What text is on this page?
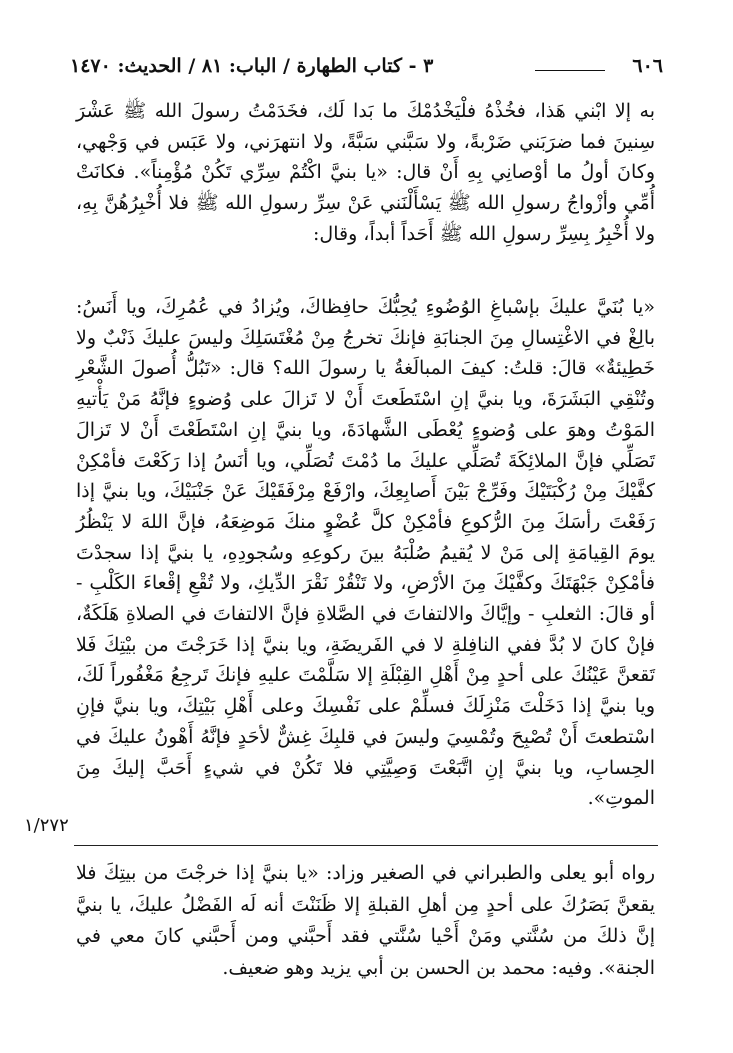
٦٠٦
٣ - كتاب الطهارة / الباب: ٨١ / الحديث: ١٤٧٠

به إلا ابْني هَذا، فخُذْهُ فلْيَخْدُمْكَ ما بَدا لَك، فخَدَمْتُ رسولَ الله ﷺ عَشْرَ سِنينَ فما ضرَبَني ضَرْبةً، ولا سَبَّني سَبَّةً، ولا انتهرَني، ولا عَبَس في وَجْهي، وكانَ أولُ ما أوْصانِي بِهِ أَنْ قال: «يا بنيَّ اكْتُمْ سِرِّي تَكُنْ مُؤْمِناً». فكانَتْ أُمِّي وأزْواجُ رسولِ الله ﷺ يَسْأَلْنَني عَنْ سِرِّ رسولِ الله ﷺ فلا أُخْبِرُهُنَّ بِهِ، ولا أُخْبِرُ بِسِرِّ رسولِ الله ﷺ أَحَداً أبداً، وقال:

«يا بُنَيَّ عليكَ بإسْباغِ الوُضُوءِ يُحِبُّكَ حافِظاكَ، ويُزادُ في عُمُرِكَ، ويا أَنَسُ: بالِغْ في الاغْتِسالِ مِنَ الجنابَةِ فإنكَ تخرجُ مِنْ مُغْتَسَلِكَ وليسَ عليكَ ذَنْبٌ ولا خَطِيئةٌ» قالَ: قلتُ: كيفَ المبالَغةُ يا رسولَ الله؟ قال: «تَبُلُّ أُصولَ الشَّعْرِ وتُنْقِي البَشَرَةَ، ويا بنيَّ إنِ اسْتَطَعتَ أَنْ لا تَزالَ على وُضوءٍ فإنَّهُ مَنْ يَأْتيهِ المَوْتُ وهوَ على وُضوءٍ يُعْطَى الشَّهادَةَ، ويا بنيَّ إنِ اسْتَطَعْتَ أَنْ لا تَزالَ تَصَلِّي فإنَّ الملائِكَةَ تُصَلِّي عليكَ ما دُمْتَ تُصَلِّي، ويا أنَسُ إذا رَكَعْتَ فأمْكِنْ كفَّيْكَ مِنْ رُكْبَتَيْكَ وفَرِّجْ بَيْنَ أَصابِعِكَ، وارْفَعْ مِرْفَقَيْكَ عَنْ جَنْبَيْكَ، ويا بنيَّ إذا رَفَعْتَ رأسَكَ مِنَ الرُّكوعِ فأمْكِنْ كلَّ عُضْوٍ منكَ مَوضِعَهُ، فإنَّ اللهَ لا يَنْظُرُ يومَ القِيامَةِ إلى مَنْ لا يُقيمُ صُلْبَهُ بينَ ركوعِهِ وسُجودِهِ، يا بنيَّ إذا سجدْتَ فأمْكِنْ جَبْهَتَكَ وكفَّيْكَ مِنَ الأرْضِ، ولا تَنْقُرْ نَقْرَ الدِّيكِ، ولا تُقْعِ إقْعاءَ الكَلْبِ - أو قالَ: الثعلبِ - وإيَّاكَ والالتفاتَ في الصَّلاةِ فإنَّ الالتفاتَ في الصلاةِ هَلَكَةٌ، فإنْ كانَ لا بُدَّ ففي النافِلةِ لا في الفَريضَةِ، ويا بنيَّ إذا خَرَجْتَ من بيْتِكَ فَلا تَقعنَّ عَيْنُكَ على أحدٍ مِنْ أَهْلِ القِبْلَةِ إلا سَلَّمْتَ عليهِ فإنكَ تَرجِعُ مَغْفُوراً لَكَ، ويا بنيَّ إذا دَخَلْتَ مَنْزِلَكَ فسلِّمْ على نَفْسِكَ وعلى أَهْلِ بَيْتِكَ، ويا بنيَّ فإنِ اسْتطعتَ أَنْ تُصْبِحَ وتُمْسِيَ وليسَ في قلبِكَ غِشٌّ لأحَدٍ فإنَّهُ أَهْونُ عليكَ في الحِسابِ، ويا بنيَّ إنِ اتَّبَعْتَ وَصِيَّتِي فلا تَكُنْ في شيءٍ أَحَبَّ إليكَ مِنَ الموتِ».

١/٢٧٢

رواه أبو يعلى والطبراني في الصغير وزاد: «يا بنيَّ إذا خرجْتَ من بيتِكَ فلا يقعنَّ بَصَرُكَ على أحدٍ مِن أهلِ القبلةِ إلا ظَنَنْتَ أنه لَه الفَضْلُ عليكَ، يا بنيَّ إنَّ ذلكَ من سُنَّتي ومَنْ أَحْيا سُنَّتي فقد أَحبَّني ومن أَحبَّني كانَ معي في الجنة». وفيه: محمد بن الحسن بن أبي يزيد وهو ضعيف.
